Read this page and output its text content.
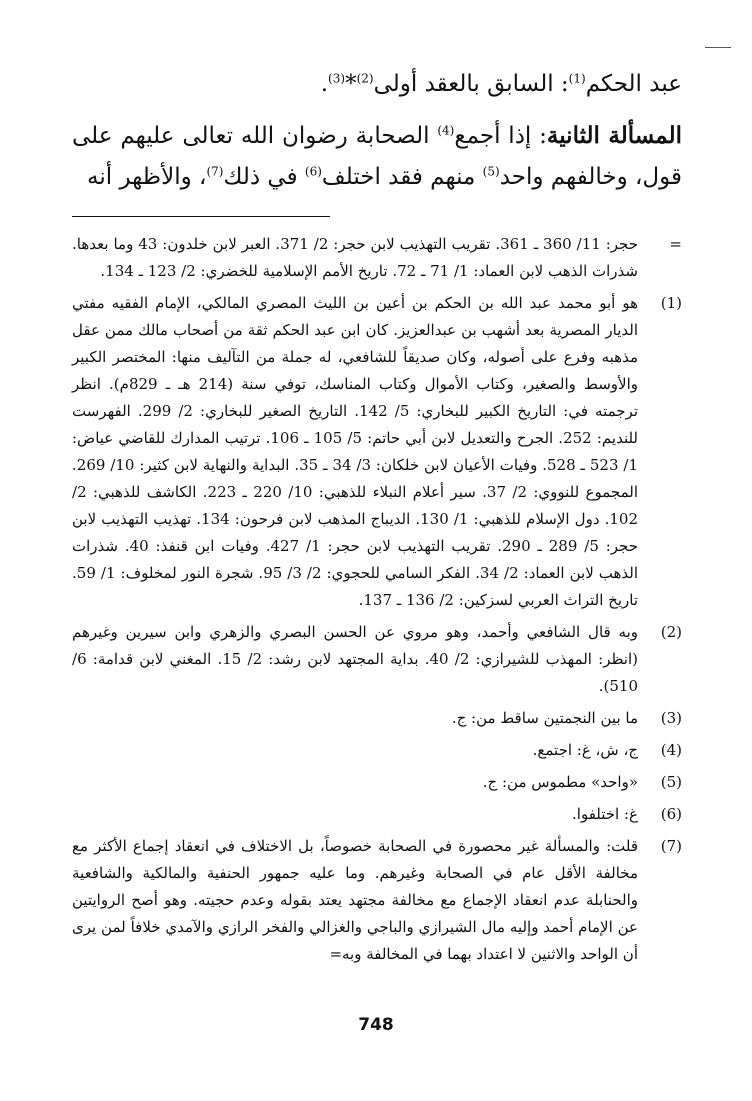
عبد الحكم$^{(1)}$: السابق بالعقد أولى$^{(2)}$*$^{(3)}$.

المسألة الثانية: إذا أجمع$^{(4)}$ الصحابة رضوان الله تعالى عليهم على قول، وخالفهم واحد$^{(5)}$ منهم فقد اختلف$^{(6)}$ في ذلك$^{(7)}$، والأظهر أنه

=
حجر: 11/ 360 ـ 361. تقريب التهذيب لابن حجر: 2/ 371. العبر لابن خلدون: 43 وما بعدها. شذرات الذهب لابن العماد: 1/ 71 ـ 72. تاريخ الأمم الإسلامية للخضري: 2/ 123 ـ 134.
(1)
هو أبو محمد عبد الله بن الحكم بن أعين بن الليث المصري المالكي، الإمام الفقيه مفتي الديار المصرية بعد أشهب بن عبدالعزيز. كان ابن عبد الحكم ثقة من أصحاب مالك ممن عقل مذهبه وفرع على أصوله، وكان صديقاً للشافعي، له جملة من التآليف منها: المختصر الكبير والأوسط والصغير، وكتاب الأموال وكتاب المناسك، توفي سنة (214 هـ ـ 829م). انظر ترجمته في: التاريخ الكبير للبخاري: 5/ 142. التاريخ الصغير للبخاري: 2/ 299. الفهرست للنديم: 252. الجرح والتعديل لابن أبي حاتم: 5/ 105 ـ 106. ترتيب المدارك للقاضي عياض: 1/ 523 ـ 528. وفيات الأعيان لابن خلكان: 3/ 34 ـ 35. البداية والنهاية لابن كثير: 10/ 269. المجموع للنووي: 2/ 37. سير أعلام النبلاء للذهبي: 10/ 220 ـ 223. الكاشف للذهبي: 2/ 102. دول الإسلام للذهبي: 1/ 130. الديباج المذهب لابن فرحون: 134. تهذيب التهذيب لابن حجر: 5/ 289 ـ 290. تقريب التهذيب لابن حجر: 1/ 427. وفيات ابن قنفذ: 40. شذرات الذهب لابن العماد: 2/ 34. الفكر السامي للحجوي: 2/ 3/ 95. شجرة النور لمخلوف: 1/ 59. تاريخ التراث العربي لسزكين: 2/ 136 ـ 137.
(2)
وبه قال الشافعي وأحمد، وهو مروي عن الحسن البصري والزهري وابن سيرين وغيرهم (انظر: المهذب للشيرازي: 2/ 40. بداية المجتهد لابن رشد: 2/ 15. المغني لابن قدامة: 6/ 510).
(3)
ما بين النجمتين ساقط من: ج.
(4)
ج، ش، غ: اجتمع.
(5)
«واحد» مطموس من: ج.
(6)
غ: اختلفوا.
(7)
قلت: والمسألة غير محصورة في الصحابة خصوصاً، بل الاختلاف في انعقاد إجماع الأكثر مع مخالفة الأقل عام في الصحابة وغيرهم. وما عليه جمهور الحنفية والمالكية والشافعية والحنابلة عدم انعقاد الإجماع مع مخالفة مجتهد يعتد بقوله وعدم حجيته. وهو أصح الروايتين عن الإمام أحمد وإليه مال الشيرازي والباجي والغزالي والفخر الرازي والآمدي خلافاً لمن يرى أن الواحد والاثنين لا اعتداد بهما في المخالفة وبه=
748
